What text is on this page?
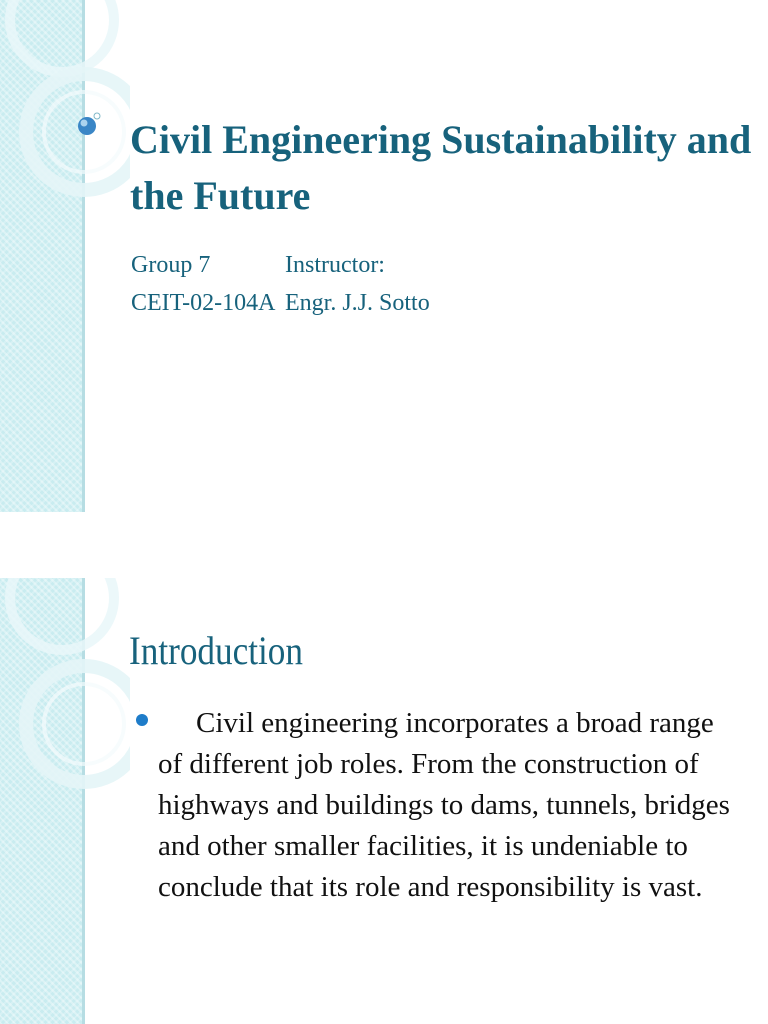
Civil Engineering Sustainability and the Future
Group 7	Instructor:
CEIT-02-104A Engr. J.J. Sotto
Introduction

Civil engineering incorporates a broad range of different job roles. From the construction of highways and buildings to dams, tunnels, bridges and other smaller facilities, it is undeniable to conclude that its role and responsibility is vast.
